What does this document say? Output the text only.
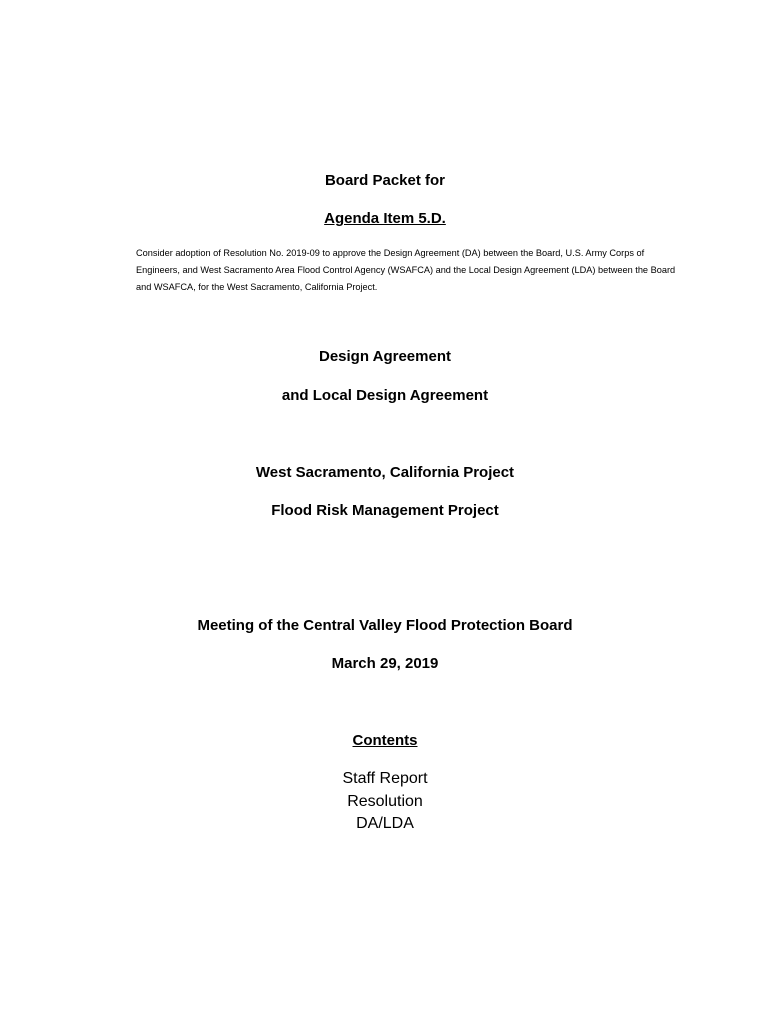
Board Packet for
Agenda Item 5.D.
Consider adoption of Resolution No. 2019-09 to approve the Design Agreement (DA) between the Board, U.S. Army Corps of Engineers, and West Sacramento Area Flood Control Agency (WSAFCA) and the Local Design Agreement (LDA) between the Board and WSAFCA, for the West Sacramento, California Project.
Design Agreement
and Local Design Agreement
West Sacramento, California Project
Flood Risk Management Project
Meeting of the Central Valley Flood Protection Board
March 29, 2019
Contents
Staff Report
Resolution
DA/LDA
